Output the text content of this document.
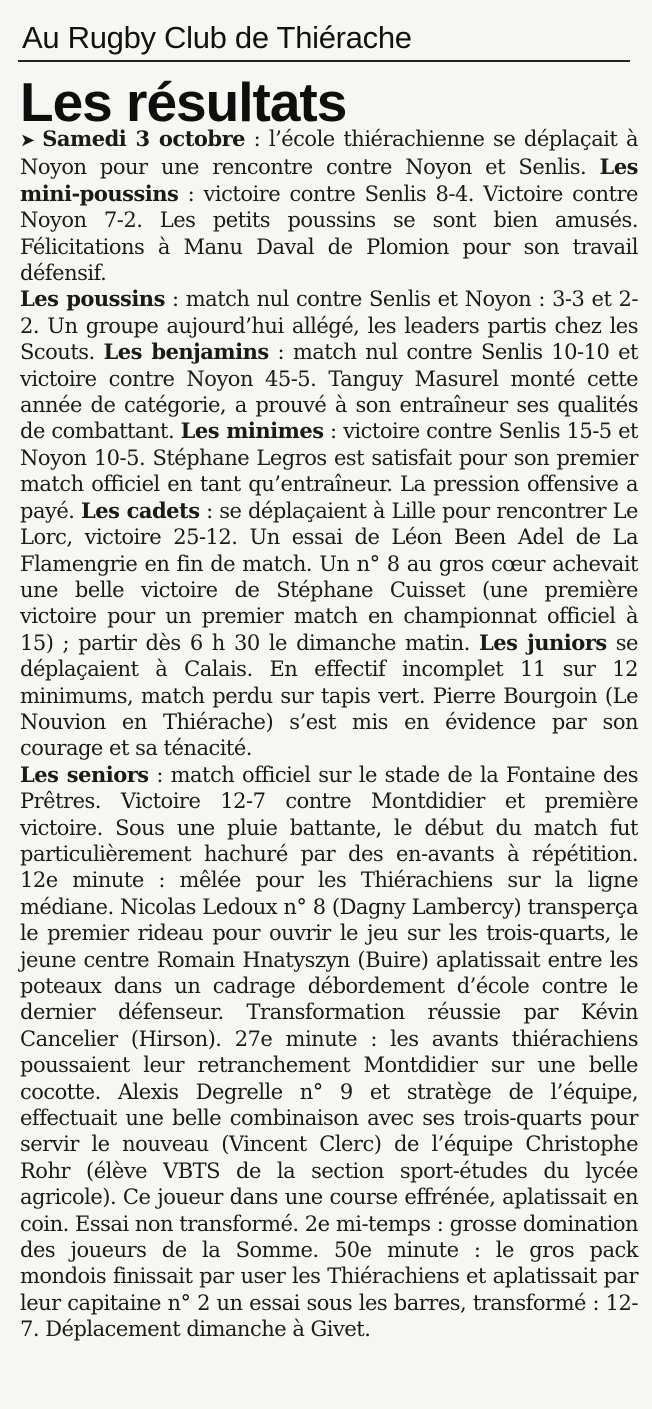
Au Rugby Club de Thiérache
Les résultats

➤ Samedi 3 octobre : l’école thiérachienne se déplaçait à Noyon pour une rencontre contre Noyon et Senlis. Les mini-poussins : victoire contre Senlis 8-4. Victoire contre Noyon 7-2. Les petits poussins se sont bien amusés. Félicitations à Manu Daval de Plomion pour son travail défensif.

Les poussins : match nul contre Senlis et Noyon : 3-3 et 2-2. Un groupe aujourd’hui allégé, les leaders partis chez les Scouts. Les benjamins : match nul contre Senlis 10-10 et victoire contre Noyon 45-5. Tanguy Masurel monté cette année de catégorie, a prouvé à son entraîneur ses qualités de combattant. Les minimes : victoire contre Senlis 15-5 et Noyon 10-5. Stéphane Legros est satisfait pour son premier match officiel en tant qu’entraîneur. La pression offensive a payé. Les cadets : se déplaçaient à Lille pour rencontrer Le Lorc, victoire 25-12. Un essai de Léon Been Adel de La Flamengrie en fin de match. Un n° 8 au gros cœur achevait une belle victoire de Stéphane Cuisset (une première victoire pour un premier match en championnat officiel à 15) ; partir dès 6 h 30 le dimanche matin. Les juniors se déplaçaient à Calais. En effectif incomplet 11 sur 12 minimums, match perdu sur tapis vert. Pierre Bourgoin (Le Nouvion en Thiérache) s’est mis en évidence par son courage et sa ténacité.

Les seniors : match officiel sur le stade de la Fontaine des Prêtres. Victoire 12-7 contre Montdidier et première victoire. Sous une pluie battante, le début du match fut particulièrement hachuré par des en-avants à répétition. 12e minute : mêlée pour les Thiérachiens sur la ligne médiane. Nicolas Ledoux n° 8 (Dagny Lambercy) transperça le premier rideau pour ouvrir le jeu sur les trois-quarts, le jeune centre Romain Hnatyszyn (Buire) aplatissait entre les poteaux dans un cadrage débordement d’école contre le dernier défenseur. Transformation réussie par Kévin Cancelier (Hirson). 27e minute : les avants thiérachiens poussaient leur retranchement Montdidier sur une belle cocotte. Alexis Degrelle n° 9 et stratège de l’équipe, effectuait une belle combinaison avec ses trois-quarts pour servir le nouveau (Vincent Clerc) de l’équipe Christophe Rohr (élève VBTS de la section sport-études du lycée agricole). Ce joueur dans une course effrénée, aplatissait en coin. Essai non transformé. 2e mi-temps : grosse domination des joueurs de la Somme. 50e minute : le gros pack mondois finissait par user les Thiérachiens et aplatissait par leur capitaine n° 2 un essai sous les barres, transformé : 12-7. Déplacement dimanche à Givet.
